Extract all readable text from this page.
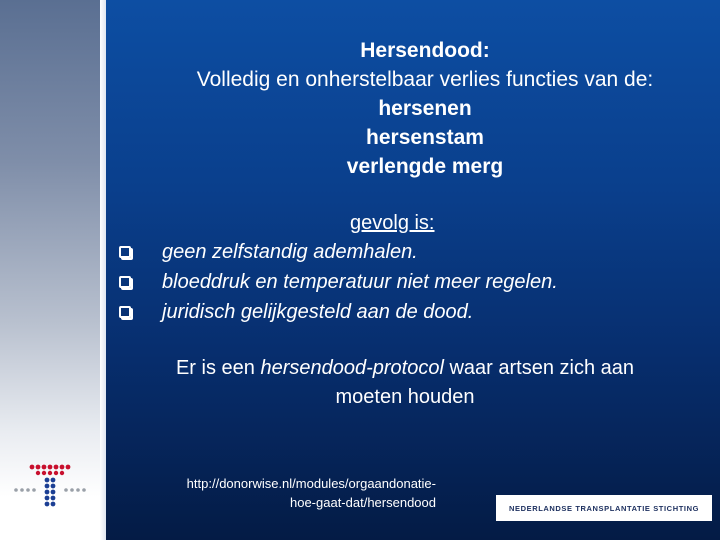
Hersendood:
Volledig en onherstelbaar verlies functies van de:
hersenen
hersenstam
verlengde merg
gevolg is:
geen zelfstandig ademhalen.
bloeddruk en temperatuur niet meer regelen.
juridisch gelijkgesteld aan de dood.
Er is een hersendood-protocol waar artsen zich aan
moeten houden
http://donorwise.nl/modules/orgaandonatie-
hoe-gaat-dat/hersendood	NEDERLANDSE TRANSPLANTATIE STICHTING
